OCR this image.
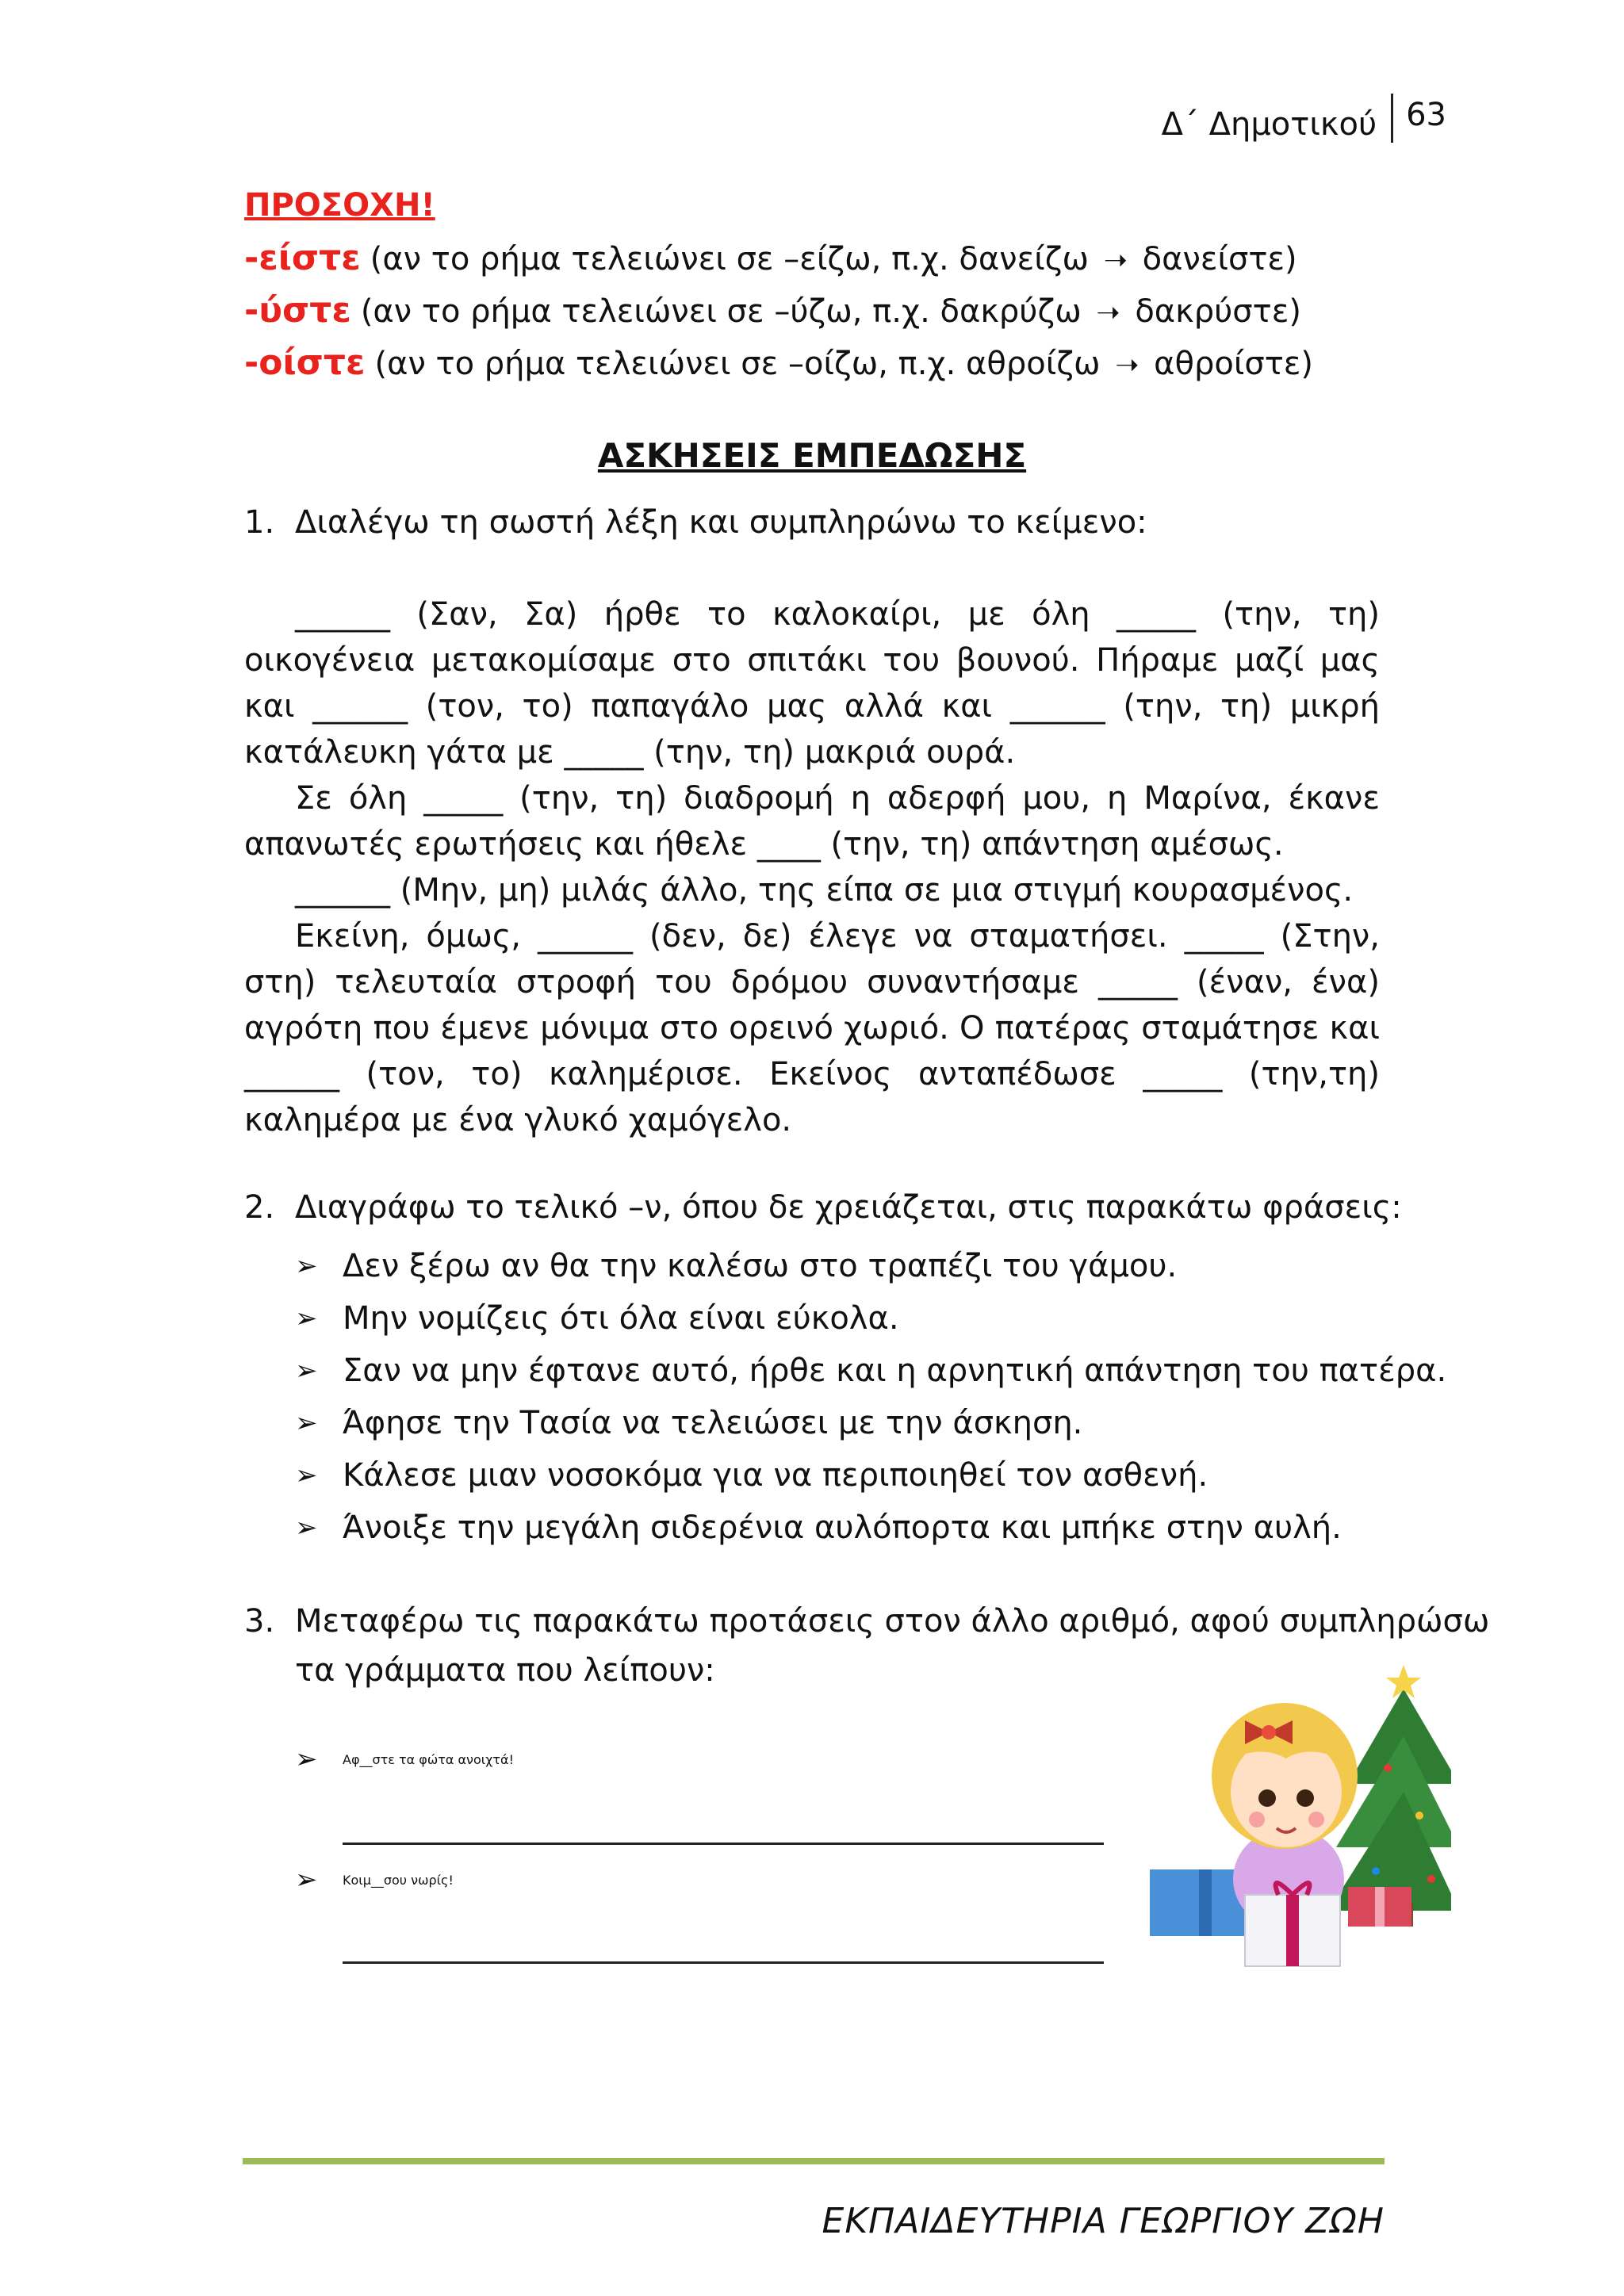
Δ΄ Δημοτικού 63
ΠΡΟΣΟΧΗ!
-είστε (αν το ρήμα τελειώνει σε –είζω, π.χ. δανείζω ➝ δανείστε)
-ύστε (αν το ρήμα τελειώνει σε –ύζω, π.χ. δακρύζω ➝ δακρύστε)
-οίστε (αν το ρήμα τελειώνει σε –οίζω, π.χ. αθροίζω ➝ αθροίστε)
ΑΣΚΗΣΕΙΣ ΕΜΠΕΔΩΣΗΣ
1. Διαλέγω τη σωστή λέξη και συμπληρώνω το κείμενο:

______ (Σαν, Σα) ήρθε το καλοκαίρι, με όλη _____ (την, τη) οικογένεια μετακομίσαμε στο σπιτάκι του βουνού. Πήραμε μαζί μας και ______ (τον, το) παπαγάλο μας αλλά και ______ (την, τη) μικρή κατάλευκη γάτα με _____ (την, τη) μακριά ουρά.

Σε όλη _____ (την, τη) διαδρομή η αδερφή μου, η Μαρίνα, έκανε απανωτές ερωτήσεις και ήθελε ____ (την, τη) απάντηση αμέσως.

______ (Μην, μη) μιλάς άλλο, της είπα σε μια στιγμή κουρασμένος.

Εκείνη, όμως, ______ (δεν, δε) έλεγε να σταματήσει. _____ (Στην, στη) τελευταία στροφή του δρόμου συναντήσαμε _____ (έναν, ένα) αγρότη που έμενε μόνιμα στο ορεινό χωριό. Ο πατέρας σταμάτησε και ______ (τον, το) καλημέρισε. Εκείνος ανταπέδωσε _____ (την,τη) καλημέρα με ένα γλυκό χαμόγελο.

2. Διαγράφω το τελικό –ν, όπου δε χρειάζεται, στις παρακάτω φράσεις:
➢ Δεν ξέρω αν θα την καλέσω στο τραπέζι του γάμου.
➢ Μην νομίζεις ότι όλα είναι εύκολα.
➢ Σαν να μην έφτανε αυτό, ήρθε και η αρνητική απάντηση του πατέρα.
➢ Άφησε την Τασία να τελειώσει με την άσκηση.
➢ Κάλεσε μιαν νοσοκόμα για να περιποιηθεί τον ασθενή.
➢ Άνοιξε την μεγάλη σιδερένια αυλόπορτα και μπήκε στην αυλή.
3. Μεταφέρω τις παρακάτω προτάσεις στον άλλο αριθμό, αφού συμπληρώσω
τα γράμματα που λείπουν:
➢	Αφ__στε τα φώτα ανοιχτά!
➢	Κοιμ__σου νωρίς!
ΕΚΠΑΙΔΕΥΤΗΡΙΑ ΓΕΩΡΓΙΟΥ ΖΩΗ
